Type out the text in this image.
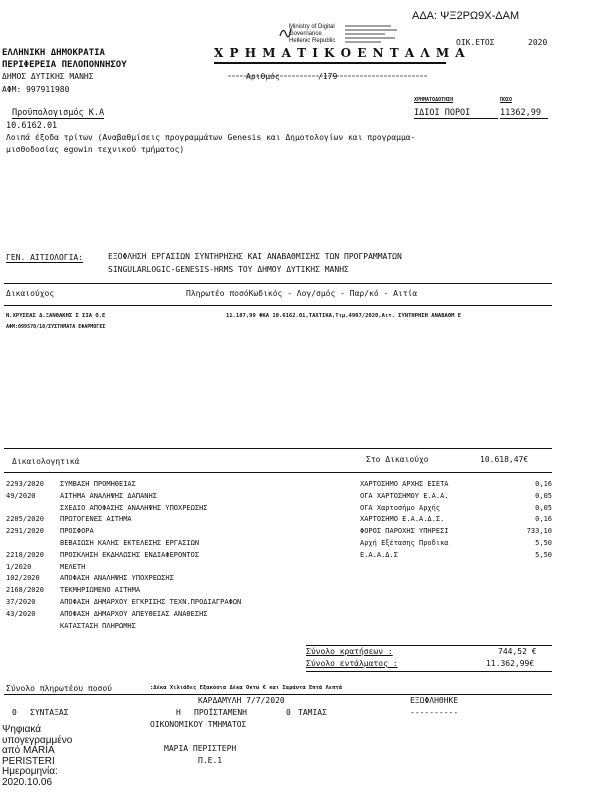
ΑΔΑ: ΨΞ2ΡΩ9Χ-ΔΑΜ
Ministry of Digital
Governance
Hellenic Republic
ΕΛΛΗΝΙΚΗ ΔΗΜΟΚΡΑΤΙΑ
ΠΕΡΙΦΕΡΕΙΑ ΠΕΛΟΠΟΝΝΗΣΟΥ
ΔΗΜΟΣ ΔΥΤΙΚΗΣ ΜΑΝΗΣ
ΑΦΜ: 997911980
Χ Ρ Η Μ Α Τ Ι Κ Ο Ε Ν Τ Α Λ Μ Α
ΟΙΚ.ΕΤΟΣ	2020
Αριθμός	/179
ΧΡΗΜΑΤΟΔΟΤΗΣΗ	ΠΟΣΟ
ΙΔΙΟΙ ΠΟΡΟΙ	11362,99
Προϋπολογισμός Κ.Α
10.6162.01
Λοιπά έξοδα τρίτων (Αναβαθμίσεις προγραμμάτων Genesis και Δημοτολογίων και προγραμμα-
μισθοδοσίας egowin τεχνικού τμήματος)
ΓΕΝ. ΑΙΤΙΟΛΟΓΙΑ:	ΕΞΟΦΛΗΣΗ ΕΡΓΑΣΙΩΝ ΣΥΝΤΗΡΗΣΗΣ ΚΑΙ ΑΝΑΒΑΘΜΙΣΗΣ ΤΩΝ ΠΡΟΓΡΑΜΜΑΤΩΝ
SINGULARLOGIC-GENESIS-HRMS ΤΟΥ ΔΗΜΟΥ ΔΥΤΙΚΗΣ ΜΑΝΗΣ
Δικαιούχος	Πληρωτέο ποσόΚωδικός - Λογ/σμός - Παρ/κό - Αιτία
Ν.ΧΡΥΣΕΑΣ Δ.ΞΑΝΘΑΚΗΣ Σ ΣΙΑ Ο.Ε	11.187,99 ΦΚΑ 10.6162.01,ΤΑΧΤΙΚΑ,Τιμ.4907/2020,Αιτ. ΣΥΝΤΗΡΗΣΗ ΑΝΑΒΑΘΜ Ε
ΑΦΜ:099570/10/ΣΥΣΤΗΜΑΤΑ ΕΦΑΡΜΟΓΕΣ
Δικαιολογητικά	Στο Δικαιούχο	10.618,47€
2293/2020 ΣΥΜΒΑΣΗ ΠΡΟΜΗΘΕΙΑΣ
49/2020	ΑΙΤΗΜΑ ΑΝΑΛΗΨΗΣ ΔΑΠΑΝΗΣ
ΣΧΕΔΙΟ ΑΠΟΦΑΣΗΣ ΑΝΑΛΗΨΗΣ ΥΠΟΧΡΕΩΣΗΣ
2205/2020 ΠΡΩΤΟΓΕΝΕΣ ΑΙΤΗΜΑ
2291/2020 ΠΡΟΣΦΟΡΑ
ΒΕΒΑΙΩΣΗ ΚΑΛΗΣ ΕΚΤΕΛΕΣΗΣ ΕΡΓΑΣΙΩΝ
2218/2020 ΠΡΟΣΚΛΗΣΗ ΕΚΔΗΛΩΣΗΣ ΕΝΔΙΑΦΕΡΟΝΤΟΣ
1/2020	ΜΕΛΕΤΗ
102/2020	ΑΠΟΦΑΣΗ ΑΝΑΛΗΨΗΣ ΥΠΟΧΡΕΩΣΗΣ
2168/2020 ΤΕΚΜΗΡΙΩΜΕΝΟ ΑΙΤΗΜΑ
37/2020	ΑΠΟΦΑΣΗ ΔΗΜΑΡΧΟΥ ΕΓΚΡΙΣΗΣ ΤΕΧΝ.ΠΡΟΔΙΑΓΡΑΦΩΝ
43/2020	ΑΠΟΦΑΣΗ ΔΗΜΑΡΧΟΥ ΑΠΕΥΘΕΙΑΣ ΑΝΑΘΕΣΗΣ
ΚΑΤΑΣΤΑΣΗ ΠΛΗΡΩΜΗΣ
ΧΑΡΤΟΣΗΜΟ ΑΡΧΗΣ ΕΣΕΤΑ	0,16
ΟΓΑ ΧΑΡΤΟΣΗΜΟΥ Ε.Α.Α.	0,05
ΟΓΑ Χαρτοσήμο Αρχής	0,05
ΧΑΡΤΟΣΗΜΟ Ε.Α.Α.Δ.Σ.	0,16
ΦΟΡΟΣ ΠΑΡΟΧΗΣ ΥΠΗΡΕΣΙ	733,10
Αρχή Εξέτασης Προδικα	5,50
Ε.Α.Α.Δ.Σ	5,50
Σύνολο κρατήσεων :	744,52 €
Σύνολο εντάλματος :	11.362,99€
Σύνολο πληρωτέου ποσού	:Δέκα Χιλιάδες Εξακόσια Δέκα Οκτώ € και Σαράντα Επτά Λεπτά
ΚΑΡΔΑΜΥΛΗ 7/7/2020	ΕΞΩΦΛΗΘΗΚΕ
0 ΣΥΝΤΑΞΑΣ	Η ΠΡΟΪΣΤΑΜΕΝΗ	0 ΤΑΜΙΑΣ	----------
ΟΙΚΟΝΟΜΙΚΟΥ ΤΜΗΜΑΤΟΣ
ΜΑΡΙΑ ΠΕΡΙΣΤΕΡΗ
Π.Ε.1
Ψηφιακά
υπογεγραμμένο
από MARIA
PERISTERI
Ημερομηνία:
2020.10.06
